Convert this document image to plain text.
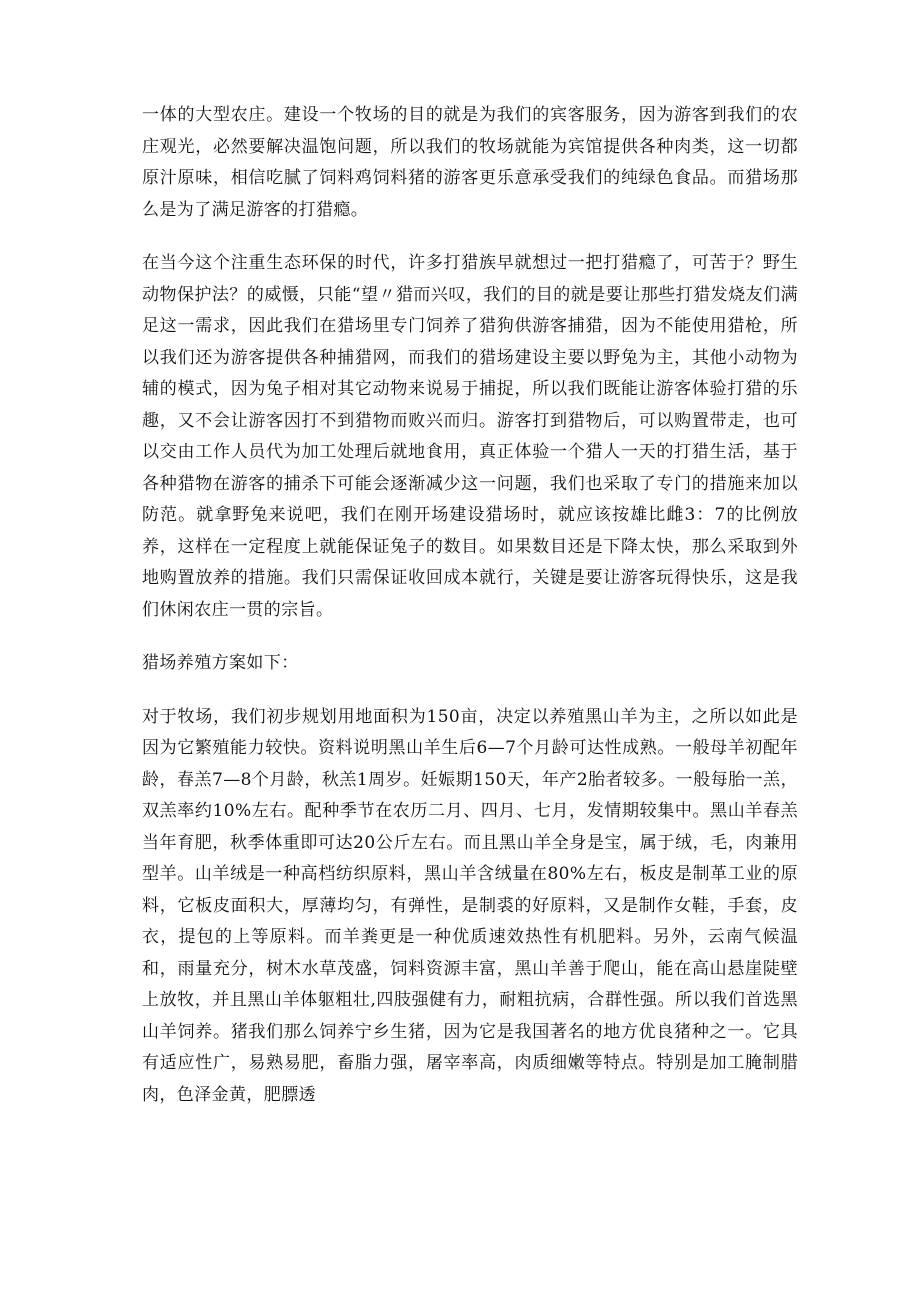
一体的大型农庄。建设一个牧场的目的就是为我们的宾客服务，因为游客到我们的农庄观光，必然要解决温饱问题，所以我们的牧场就能为宾馆提供各种肉类，这一切都原汁原味，相信吃腻了饲料鸡饲料猪的游客更乐意承受我们的纯绿色食品。而猎场那么是为了满足游客的打猎瘾。

在当今这个注重生态环保的时代，许多打猎族早就想过一把打猎瘾了，可苦于？野生动物保护法？的威慑，只能“望〃猎而兴叹，我们的目的就是要让那些打猎发烧友们满足这一需求，因此我们在猎场里专门饲养了猎狗供游客捕猎，因为不能使用猎枪，所以我们还为游客提供各种捕猎网，而我们的猎场建设主要以野兔为主，其他小动物为辅的模式，因为兔子相对其它动物来说易于捕捉，所以我们既能让游客体验打猎的乐趣，又不会让游客因打不到猎物而败兴而归。游客打到猎物后，可以购置带走，也可以交由工作人员代为加工处理后就地食用，真正体验一个猎人一天的打猎生活，基于各种猎物在游客的捕杀下可能会逐渐减少这一问题，我们也采取了专门的措施来加以防范。就拿野兔来说吧，我们在刚开场建设猎场时，就应该按雄比雌3：7的比例放养，这样在一定程度上就能保证兔子的数目。如果数目还是下降太快，那么采取到外地购置放养的措施。我们只需保证收回成本就行，关键是要让游客玩得快乐，这是我们休闲农庄一贯的宗旨。

猎场养殖方案如下：

对于牧场，我们初步规划用地面积为150亩，决定以养殖黑山羊为主，之所以如此是因为它繁殖能力较快。资料说明黑山羊生后6—7个月龄可达性成熟。一般母羊初配年龄，春羔7—8个月龄，秋羔1周岁。妊娠期150天，年产2胎者较多。一般每胎一羔，双羔率约10%左右。配种季节在农历二月、四月、七月，发情期较集中。黑山羊春羔当年育肥，秋季体重即可达20公斤左右。而且黑山羊全身是宝，属于绒，毛，肉兼用型羊。山羊绒是一种高档纺织原料，黑山羊含绒量在80%左右，板皮是制革工业的原料，它板皮面积大，厚薄均匀，有弹性，是制裘的好原料，又是制作女鞋，手套，皮衣，提包的上等原料。而羊粪更是一种优质速效热性有机肥料。另外，云南气候温和，雨量充分，树木水草茂盛，饲料资源丰富，黑山羊善于爬山，能在高山悬崖陡壁上放牧，并且黑山羊体躯粗壮,四肢强健有力，耐粗抗病，合群性强。所以我们首选黑山羊饲养。猪我们那么饲养宁乡生猪，因为它是我国著名的地方优良猪种之一。它具有适应性广，易熟易肥，畜脂力强，屠宰率高，肉质细嫩等特点。特别是加工腌制腊肉，色泽金黄，肥膘透
